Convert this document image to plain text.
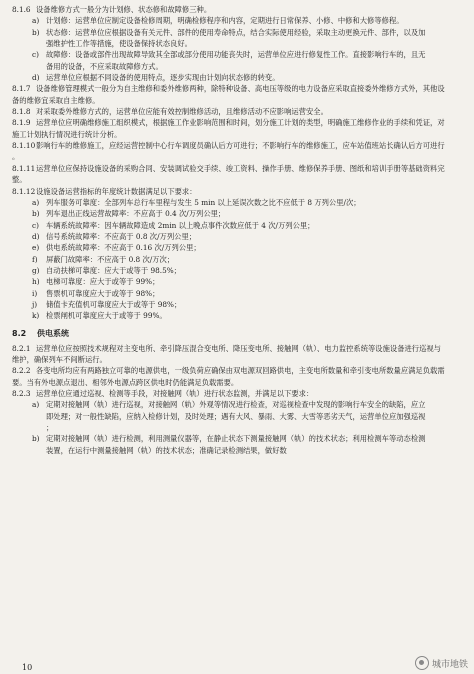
8.1.6 设备维修方式一般分为计划修、状态修和故障修三种。
a) 计划修：运营单位应制定设备检修周期，明确检修程序和内容，定期进行日常保养、小修、中修和大修等修程。
b) 状态修：运营单位应根据设备有关元件、部件的使用寿命特点，结合实际使用经验，采取主动更换元件、部件，以及加
强维护性工作等措施，使设备保持状态良好。
c) 故障修：设备或部件出现故障导致其全部或部分使用功能丧失时，运营单位应进行修复性工作。直接影响行车的，且无
备用的设备，不应采取故障修方式。
d) 运营单位应根据不同设备的使用特点，逐步实现由计划向状态修的转变。
8.1.7 设备维修管理模式一般分为自主维修和委外维修两种，除特种设备、高电压等级的电力设备应采取直接委外维修方式外，其他设
备的维修宜采取自主维修。
8.1.8 对采取委外维修方式的，运营单位应能有效控制维修活动，且维修活动不应影响运营安全。
8.1.9 运营单位应明确维修施工组织模式，根据施工作业影响范围和时间，划分施工计划的类型，明确施工维修作业的手续和凭证，对
施工计划执行情况进行统计分析。
8.1.10影响行车的维修施工，应经运营控制中心行车调度员确认后方可进行；不影响行车的维修施工，应车站值班站长确认后方可进行
。
8.1.11运营单位应保持设施设备的采购合同、安装调试验交手续、竣工资料、操作手册、维修保养手册、图纸和培训手册等基础资料完
整。
8.1.12设施设备运营指标的年度统计数据满足以下要求：
a) 列车服务可靠度：全部列车总行车里程与发生 5 min 以上延误次数之比不应低于 8 万列公里/次；
b) 列车退出正线运营故障率：不应高于 0.4 次/万列公里；
c) 车辆系统故障率：因车辆故障造成 2min 以上晚点事件次数应低于 4 次/万列公里；
d) 信号系统故障率：不应高于 0.8 次/万列公里；
e) 供电系统故障率：不应高于 0.16 次/万列公里；
f) 屏蔽门故障率：不应高于 0.8 次/万次；
g) 自动扶梯可靠度：应大于或等于 98.5%；
h) 电梯可靠度：应大于或等于 99%；
i) 售票机可靠度应大于或等于 98%；
j) 储值卡充值机可靠度应大于或等于 98%；
k) 检票闸机可靠度应大于或等于 99%。
8.2 供电系统
8.2.1 运营单位应按照技术规程对主变电所、牵引降压混合变电所、降压变电所、接触网（轨）、电力监控系统等设施设备进行巡视与
维护，确保列车不间断运行。
8.2.2 各变电所均应有两路独立可靠的电源供电，一级负荷应确保由双电源双回路供电，主变电所数量和牵引变电所数量应满足负载需
要。当有外电源点退出、相邻外电源点跨区供电时仍能满足负载需要。
8.2.3 运营单位应通过巡视、检测等手段，对接触网（轨）进行状态监测，并满足以下要求：
a) 定期对接触网（轨）进行巡视，对接触网（轨）外观等情况进行检查，对巡视检查中发现的影响行车安全的缺陷，应立
即处理；对一般性缺陷，应纳入检修计划，及时处理；遇有大风、暴雨、大雾、大雪等恶劣天气，运营单位应加强巡视
；
b) 定期对接触网（轨）进行检测，利用测量仪器等，在静止状态下测量接触网（轨）的技术状态；利用检测车等动态检测
装置，在运行中测量接触网（轨）的技术状态；准确记录检测结果，做好数
10	城市地铁
